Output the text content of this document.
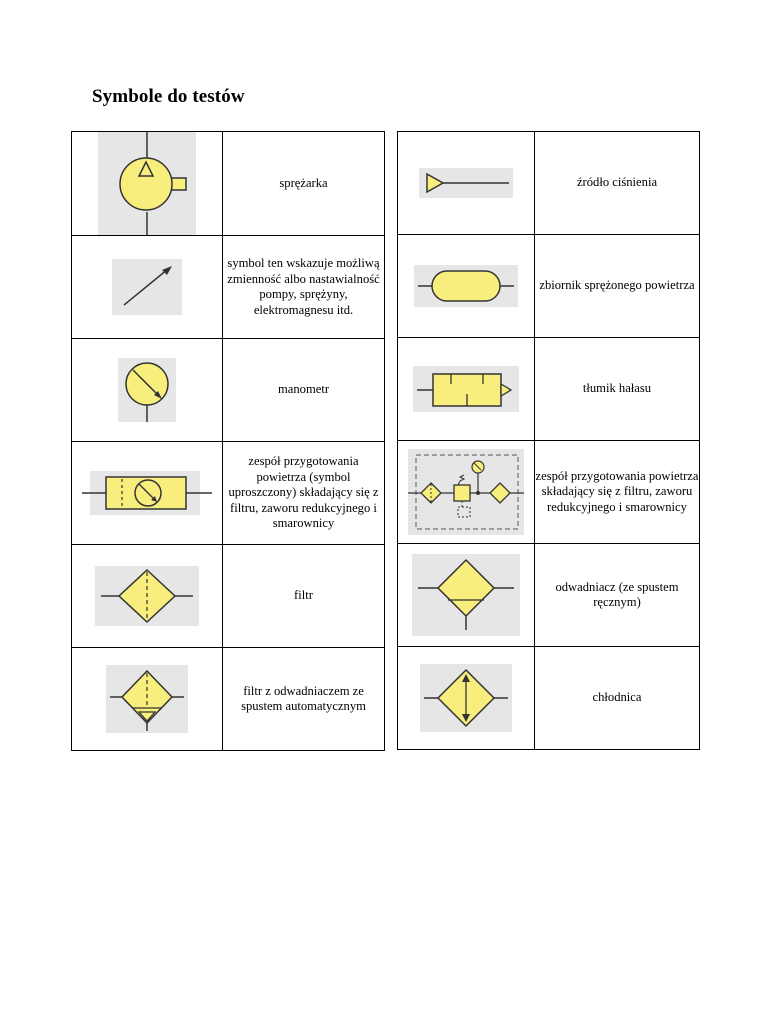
Symbole do testów
	sprężarka

	symbol ten wskazuje możliwą zmienność albo nastawialność pompy, sprężyny, elektromagnesu itd.

	manometr

	zespół przygotowania powietrza (symbol uproszczony) składający się z filtru, zaworu redukcyjnego i smarownicy

	filtr

	filtr z odwadniaczem ze spustem automatycznym
	źródło ciśnienia

	zbiornik sprężonego powietrza

	tłumik hałasu

	zespół przygotowania powietrza składający się z filtru, zaworu redukcyjnego i smarownicy

	odwadniacz (ze spustem ręcznym)

	chłodnica
